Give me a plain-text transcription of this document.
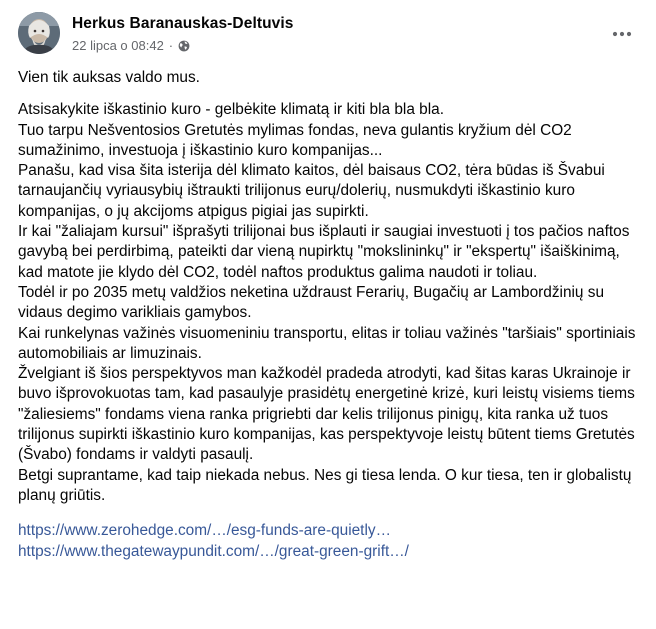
Herkus Baranauskas-Deltuvis
22 lipca o 08:42 ·

Vien tik auksas valdo mus.

Atsisakykite iškastinio kuro - gelbėkite klimatą ir kiti bla bla bla.
Tuo tarpu Nešventosios Gretutės mylimas fondas, neva gulantis kryžium dėl CO2 sumažinimo, investuoja į iškastinio kuro kompanijas...
Panašu, kad visa šita isterija dėl klimato kaitos, dėl baisaus CO2, tėra būdas iš Švabui tarnaujančių vyriausybių ištraukti trilijonus eurų/dolerių, nusmukdyti iškastinio kuro kompanijas, o jų akcijoms atpigus pigiai jas supirkti.
Ir kai "žaliajam kursui" išprašyti trilijonai bus išplauti ir saugiai investuoti į tos pačios naftos gavybą bei perdirbimą, pateikti dar vieną nupirktų "mokslininkų" ir "ekspertų" išaiškinimą, kad matote jie klydo dėl CO2, todėl naftos produktus galima naudoti ir toliau.
Todėl ir po 2035 metų valdžios neketina uždraust Ferarių, Bugačių ar Lambordžinių su vidaus degimo varikliais gamybos.
Kai runkelynas važinės visuomeniniu transportu, elitas ir toliau važinės "taršiais" sportiniais automobiliais ar limuzinais.
Žvelgiant iš šios perspektyvos man kažkodėl pradeda atrodyti, kad šitas karas Ukrainoje ir buvo išprovokuotas tam, kad pasaulyje prasidėtų energetinė krizė, kuri leistų visiems tiems "žaliesiems" fondams viena ranka prigriebti dar kelis trilijonus pinigų, kita ranka už tuos trilijonus supirkti iškastinio kuro kompanijas, kas perspektyvoje leistų būtent tiems Gretutės (Švabo) fondams ir valdyti pasaulį.
Betgi suprantame, kad taip niekada nebus. Nes gi tiesa lenda. O kur tiesa, ten ir globalistų planų griūtis.

https://www.zerohedge.com/…/esg-funds-are-quietly…
https://www.thegatewaypundit.com/…/great-green-grift…/
